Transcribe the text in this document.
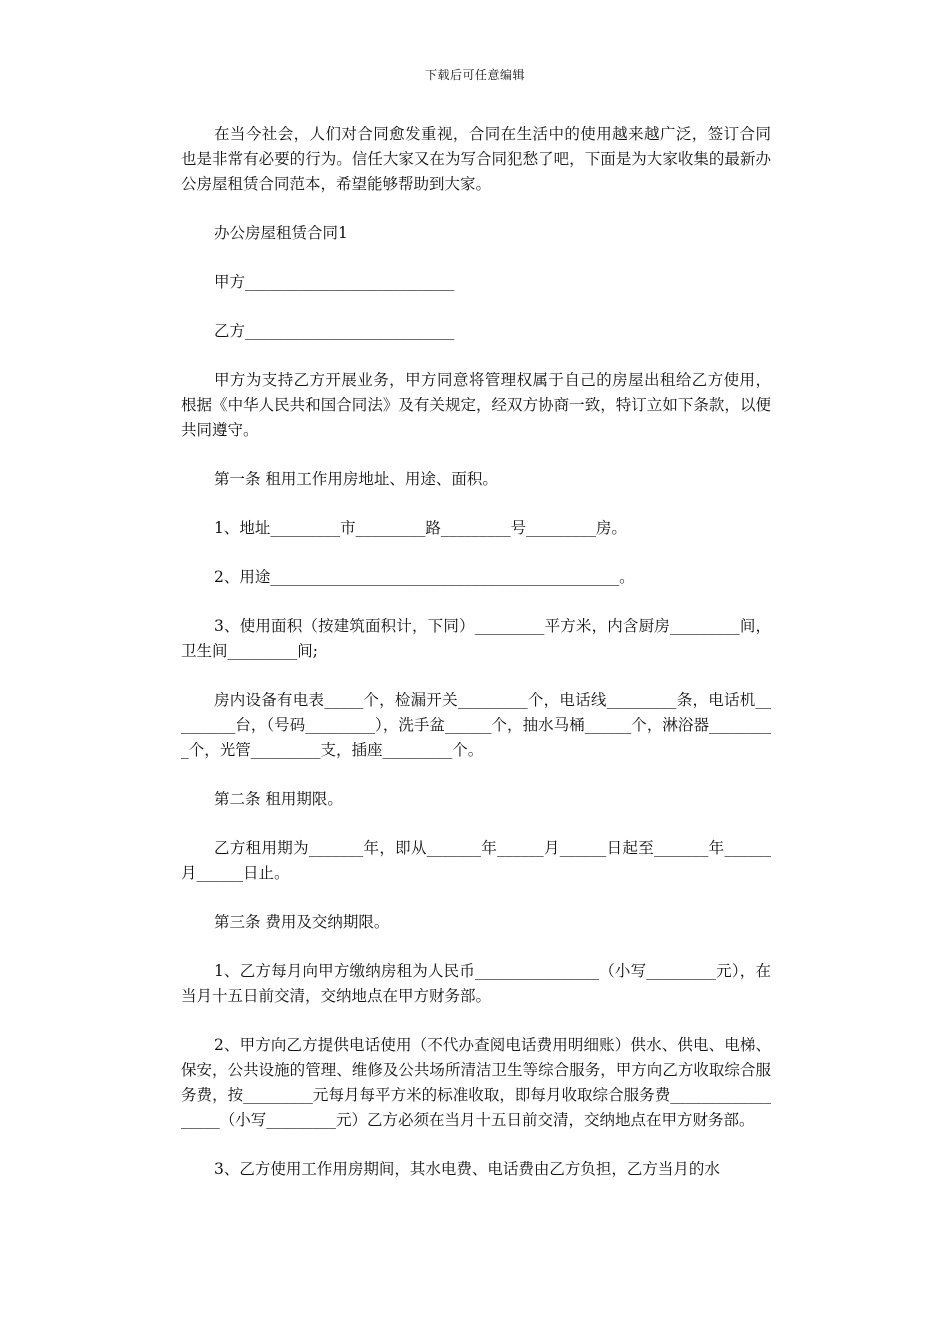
下载后可任意编辑

在当今社会，人们对合同愈发重视，合同在生活中的使用越来越广泛，签订合同也是非常有必要的行为。信任大家又在为写合同犯愁了吧，下面是为大家收集的最新办公房屋租赁合同范本，希望能够帮助到大家。

办公房屋租赁合同1

甲方___________________________

乙方___________________________

甲方为支持乙方开展业务，甲方同意将管理权属于自己的房屋出租给乙方使用，根据《中华人民共和国合同法》及有关规定，经双方协商一致，特订立如下条款，以便共同遵守。

第一条 租用工作用房地址、用途、面积。

1、地址_________市_________路_________号_________房。

2、用途_____________________________________________。

3、使用面积（按建筑面积计，下同）_________平方米，内含厨房_________间，卫生间_________间;

房内设备有电表_____个，检漏开关_________个，电话线_________条，电话机_________台，（号码_________），洗手盆______个，抽水马桶______个，淋浴器_________个，光管_________支，插座_________个。

第二条 租用期限。

乙方租用期为_______年，即从_______年______月______日起至_______年______月______日止。

第三条 费用及交纳期限。

1、乙方每月向甲方缴纳房租为人民币________________（小写_________元），在当月十五日前交清，交纳地点在甲方财务部。

2、甲方向乙方提供电话使用（不代办查阅电话费用明细账）供水、供电、电梯、保安，公共设施的管理、维修及公共场所清洁卫生等综合服务，甲方向乙方收取综合服务费，按_________元每月每平方米的标准收取，即每月收取综合服务费__________________（小写_________元）乙方必须在当月十五日前交清，交纳地点在甲方财务部。

3、乙方使用工作用房期间，其水电费、电话费由乙方负担，乙方当月的水
